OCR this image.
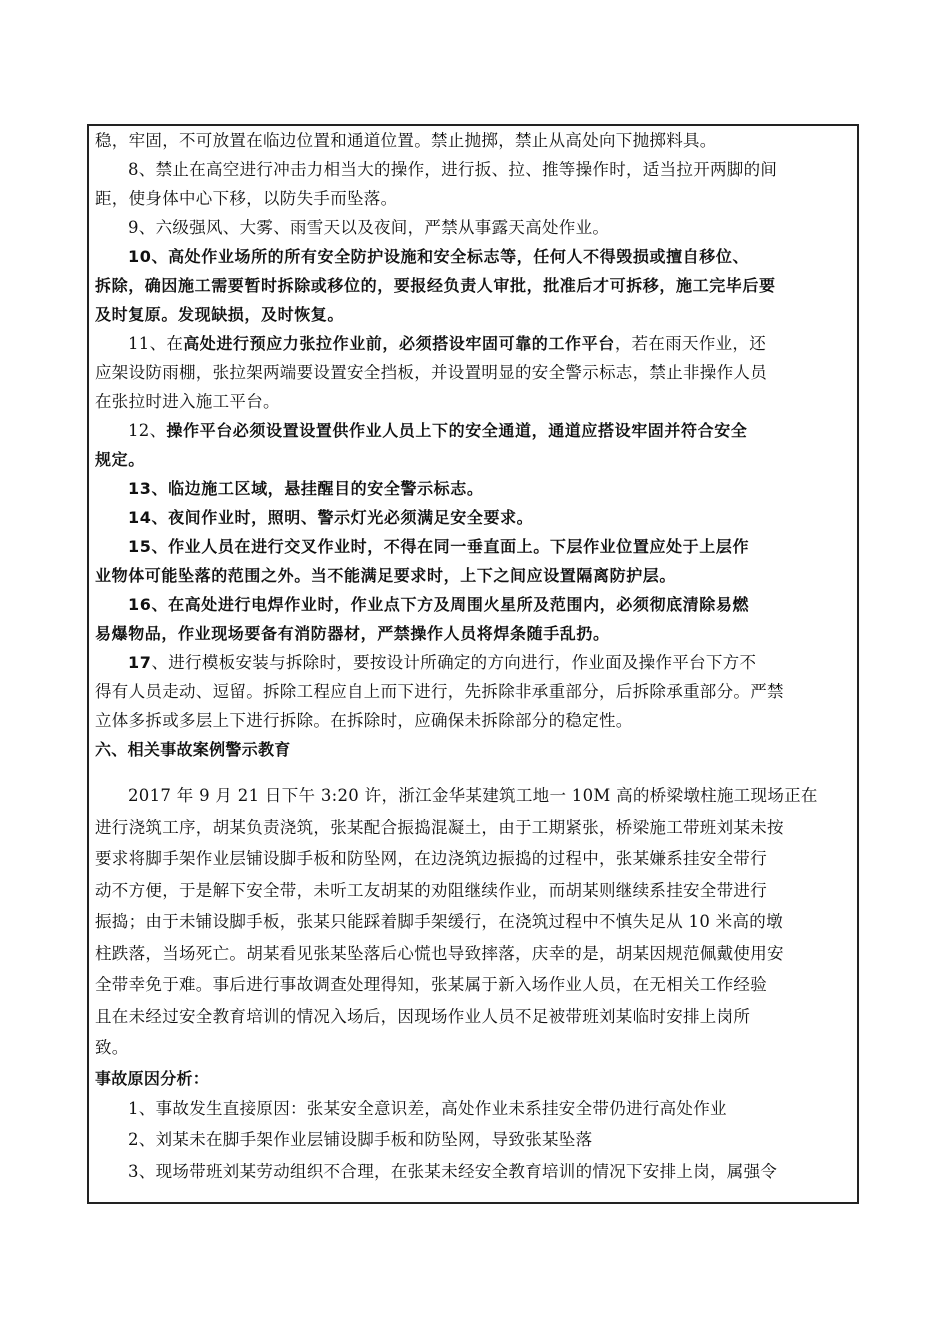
稳，牢固，不可放置在临边位置和通道位置。禁止抛掷，禁止从高处向下抛掷料具。
8、禁止在高空进行冲击力相当大的操作，进行扳、拉、推等操作时，适当拉开两脚的间
距，使身体中心下移，以防失手而坠落。
9、六级强风、大雾、雨雪天以及夜间，严禁从事露天高处作业。
10、高处作业场所的所有安全防护设施和安全标志等，任何人不得毁损或擅自移位、
拆除，确因施工需要暂时拆除或移位的，要报经负责人审批，批准后才可拆移，施工完毕后要
及时复原。发现缺损，及时恢复。
11、在高处进行预应力张拉作业前，必须搭设牢固可靠的工作平台，若在雨天作业，还
应架设防雨棚，张拉架两端要设置安全挡板，并设置明显的安全警示标志，禁止非操作人员
在张拉时进入施工平台。
12、操作平台必须设置设置供作业人员上下的安全通道，通道应搭设牢固并符合安全
规定。
13、临边施工区域，悬挂醒目的安全警示标志。
14、夜间作业时，照明、警示灯光必须满足安全要求。
15、作业人员在进行交叉作业时，不得在同一垂直面上。下层作业位置应处于上层作
业物体可能坠落的范围之外。当不能满足要求时，上下之间应设置隔离防护层。
16、在高处进行电焊作业时，作业点下方及周围火星所及范围内，必须彻底清除易燃
易爆物品，作业现场要备有消防器材，严禁操作人员将焊条随手乱扔。
17、进行模板安装与拆除时，要按设计所确定的方向进行，作业面及操作平台下方不
得有人员走动、逗留。拆除工程应自上而下进行，先拆除非承重部分，后拆除承重部分。严禁
立体多拆或多层上下进行拆除。在拆除时，应确保未拆除部分的稳定性。
六、相关事故案例警示教育
2017 年 9 月 21 日下午 3:20 许，浙江金华某建筑工地一 10M 高的桥梁墩柱施工现场正在
进行浇筑工序，胡某负责浇筑，张某配合振捣混凝土，由于工期紧张，桥梁施工带班刘某未按
要求将脚手架作业层铺设脚手板和防坠网，在边浇筑边振捣的过程中，张某嫌系挂安全带行
动不方便，于是解下安全带，未听工友胡某的劝阻继续作业，而胡某则继续系挂安全带进行
振捣；由于未铺设脚手板，张某只能踩着脚手架缓行，在浇筑过程中不慎失足从 10 米高的墩
柱跌落，当场死亡。胡某看见张某坠落后心慌也导致摔落，庆幸的是，胡某因规范佩戴使用安
全带幸免于难。事后进行事故调查处理得知，张某属于新入场作业人员，在无相关工作经验
且在未经过安全教育培训的情况入场后，因现场作业人员不足被带班刘某临时安排上岗所
致。
事故原因分析：
1、事故发生直接原因：张某安全意识差，高处作业未系挂安全带仍进行高处作业
2、刘某未在脚手架作业层铺设脚手板和防坠网，导致张某坠落
3、现场带班刘某劳动组织不合理，在张某未经安全教育培训的情况下安排上岗，属强令
